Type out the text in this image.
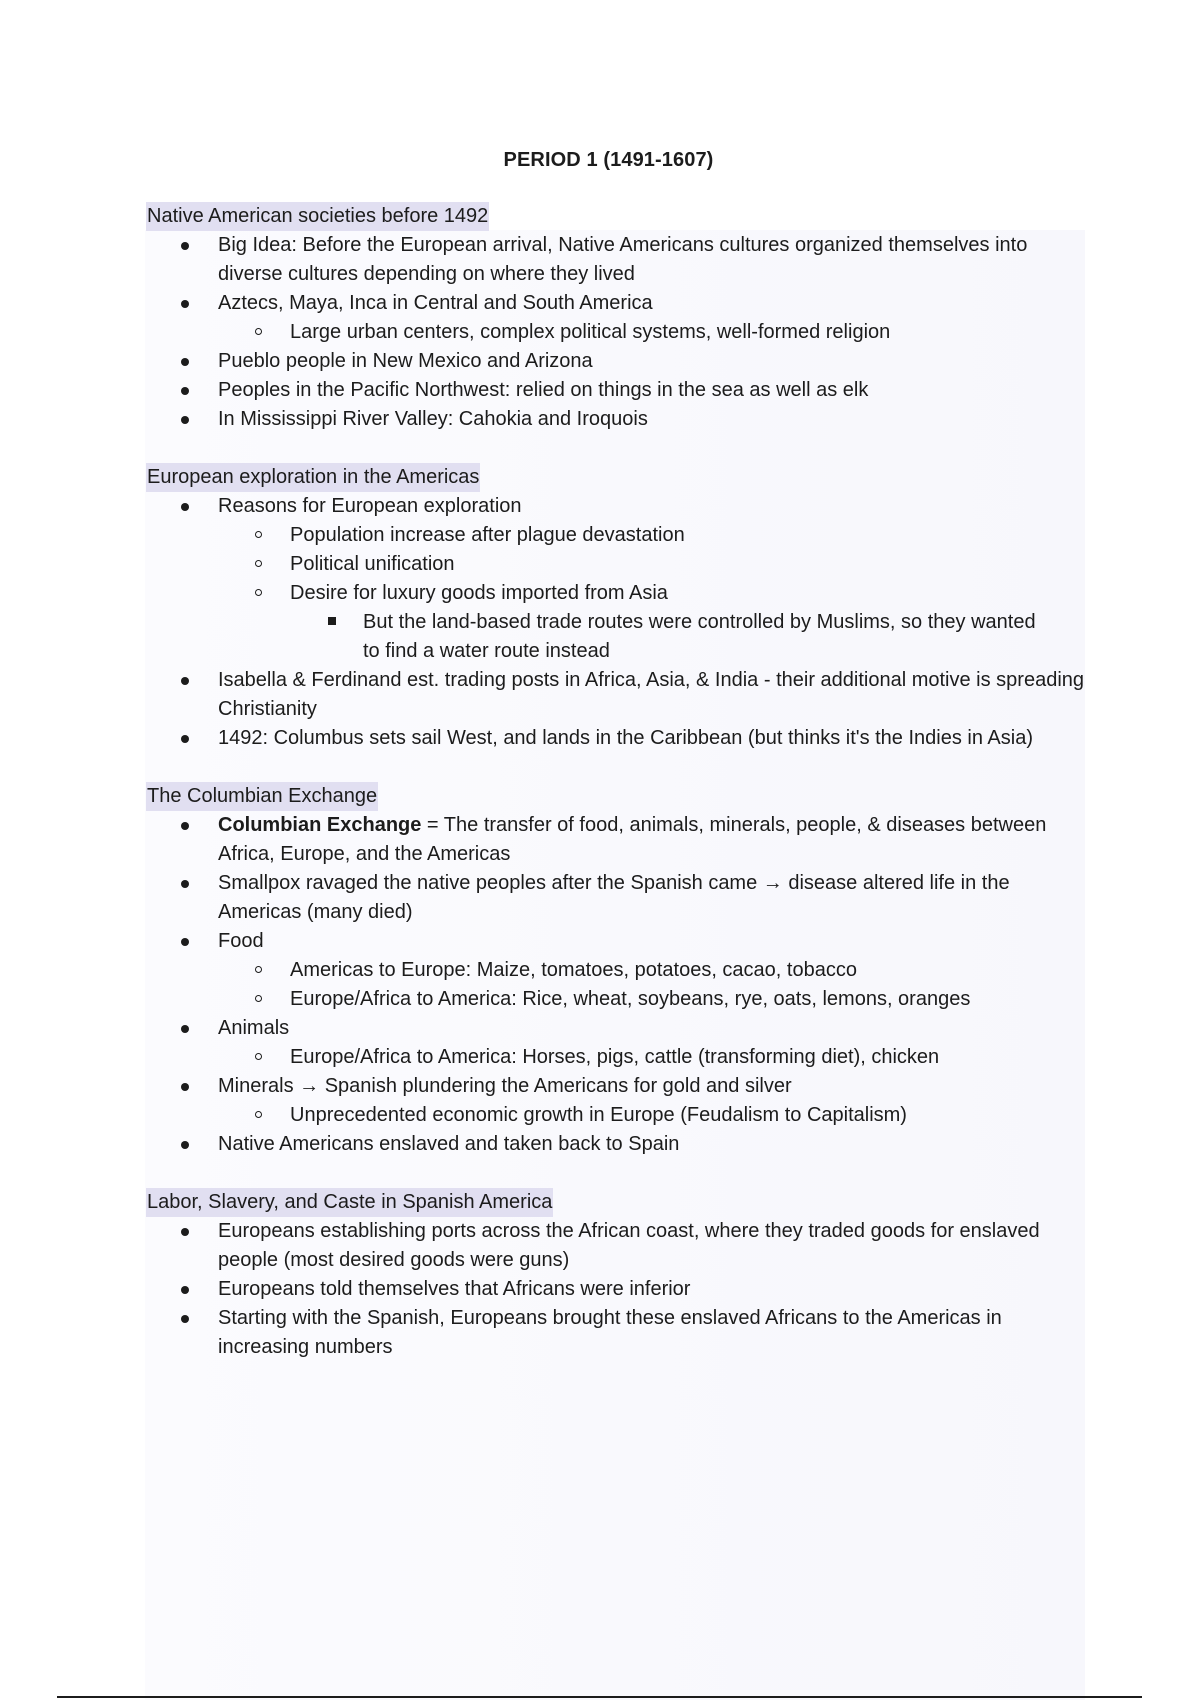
PERIOD 1 (1491-1607)
Native American societies before 1492
Big Idea: Before the European arrival, Native Americans cultures organized themselves into diverse cultures depending on where they lived
Aztecs, Maya, Inca in Central and South America
Large urban centers, complex political systems, well-formed religion
Pueblo people in New Mexico and Arizona
Peoples in the Pacific Northwest: relied on things in the sea as well as elk
In Mississippi River Valley: Cahokia and Iroquois
European exploration in the Americas
Reasons for European exploration
Population increase after plague devastation
Political unification
Desire for luxury goods imported from Asia
But the land-based trade routes were controlled by Muslims, so they wanted to find a water route instead
Isabella & Ferdinand est. trading posts in Africa, Asia, & India - their additional motive is spreading Christianity
1492: Columbus sets sail West, and lands in the Caribbean (but thinks it's the Indies in Asia)
The Columbian Exchange
Columbian Exchange = The transfer of food, animals, minerals, people, & diseases between Africa, Europe, and the Americas
Smallpox ravaged the native peoples after the Spanish came → disease altered life in the Americas (many died)
Food
Americas to Europe: Maize, tomatoes, potatoes, cacao, tobacco
Europe/Africa to America: Rice, wheat, soybeans, rye, oats, lemons, oranges
Animals
Europe/Africa to America: Horses, pigs, cattle (transforming diet), chicken
Minerals → Spanish plundering the Americans for gold and silver
Unprecedented economic growth in Europe (Feudalism to Capitalism)
Native Americans enslaved and taken back to Spain
Labor, Slavery, and Caste in Spanish America
Europeans establishing ports across the African coast, where they traded goods for enslaved people (most desired goods were guns)
Europeans told themselves that Africans were inferior
Starting with the Spanish, Europeans brought these enslaved Africans to the Americas in increasing numbers
